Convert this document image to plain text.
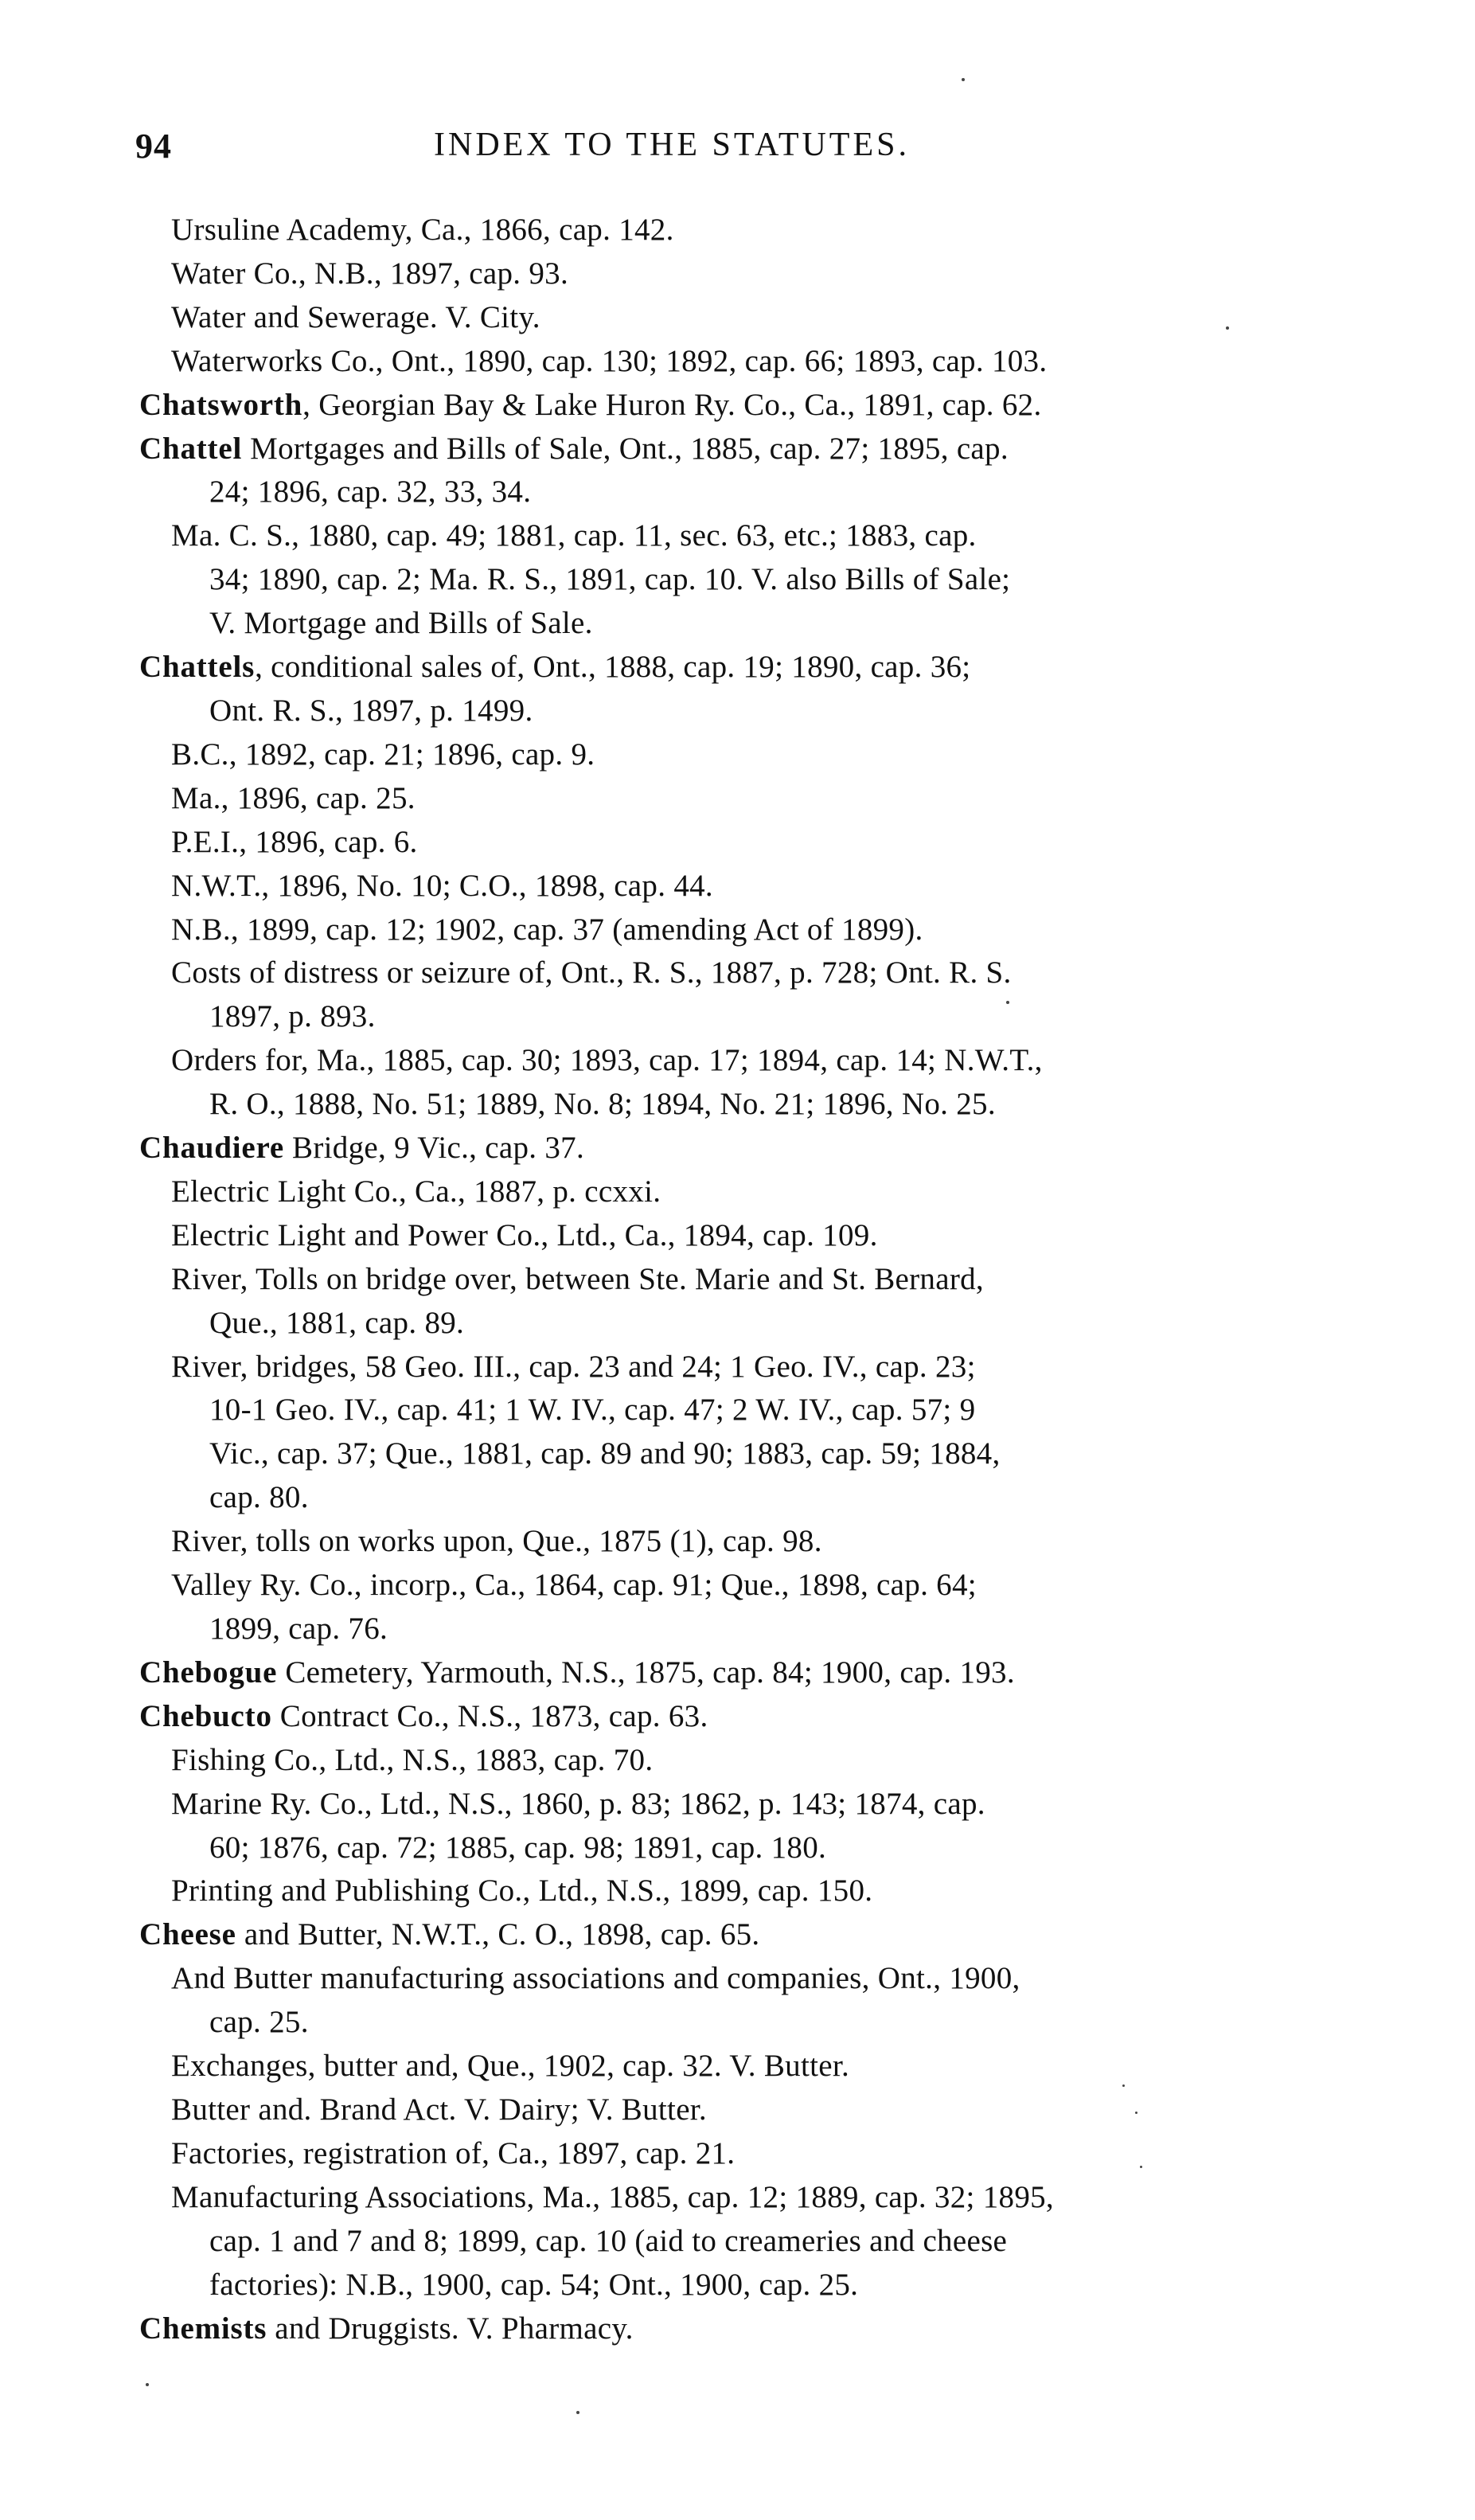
94	INDEX TO THE STATUTES.
Ursuline Academy, Ca., 1866, cap. 142.
Water Co., N.B., 1897, cap. 93.
Water and Sewerage. V. City.
Waterworks Co., Ont., 1890, cap. 130; 1892, cap. 66; 1893, cap. 103.
Chatsworth, Georgian Bay & Lake Huron Ry. Co., Ca., 1891, cap. 62.
Chattel Mortgages and Bills of Sale, Ont., 1885, cap. 27; 1895, cap.
24; 1896, cap. 32, 33, 34.
Ma. C. S., 1880, cap. 49; 1881, cap. 11, sec. 63, etc.; 1883, cap.
34; 1890, cap. 2; Ma. R. S., 1891, cap. 10. V. also Bills of Sale;
V. Mortgage and Bills of Sale.
Chattels, conditional sales of, Ont., 1888, cap. 19; 1890, cap. 36;
Ont. R. S., 1897, p. 1499.
B.C., 1892, cap. 21; 1896, cap. 9.
Ma., 1896, cap. 25.
P.E.I., 1896, cap. 6.
N.W.T., 1896, No. 10; C.O., 1898, cap. 44.
N.B., 1899, cap. 12; 1902, cap. 37 (amending Act of 1899).
Costs of distress or seizure of, Ont., R. S., 1887, p. 728; Ont. R. S.
1897, p. 893.
Orders for, Ma., 1885, cap. 30; 1893, cap. 17; 1894, cap. 14; N.W.T.,
R. O., 1888, No. 51; 1889, No. 8; 1894, No. 21; 1896, No. 25.
Chaudiere Bridge, 9 Vic., cap. 37.
Electric Light Co., Ca., 1887, p. ccxxi.
Electric Light and Power Co., Ltd., Ca., 1894, cap. 109.
River, Tolls on bridge over, between Ste. Marie and St. Bernard,
Que., 1881, cap. 89.
River, bridges, 58 Geo. III., cap. 23 and 24; 1 Geo. IV., cap. 23;
10-1 Geo. IV., cap. 41; 1 W. IV., cap. 47; 2 W. IV., cap. 57; 9
Vic., cap. 37; Que., 1881, cap. 89 and 90; 1883, cap. 59; 1884,
cap. 80.
River, tolls on works upon, Que., 1875 (1), cap. 98.
Valley Ry. Co., incorp., Ca., 1864, cap. 91; Que., 1898, cap. 64;
1899, cap. 76.
Chebogue Cemetery, Yarmouth, N.S., 1875, cap. 84; 1900, cap. 193.
Chebucto Contract Co., N.S., 1873, cap. 63.
Fishing Co., Ltd., N.S., 1883, cap. 70.
Marine Ry. Co., Ltd., N.S., 1860, p. 83; 1862, p. 143; 1874, cap.
60; 1876, cap. 72; 1885, cap. 98; 1891, cap. 180.
Printing and Publishing Co., Ltd., N.S., 1899, cap. 150.
Cheese and Butter, N.W.T., C. O., 1898, cap. 65.
And Butter manufacturing associations and companies, Ont., 1900,
cap. 25.
Exchanges, butter and, Que., 1902, cap. 32. V. Butter.
Butter and. Brand Act. V. Dairy; V. Butter.
Factories, registration of, Ca., 1897, cap. 21.
Manufacturing Associations, Ma., 1885, cap. 12; 1889, cap. 32; 1895,
cap. 1 and 7 and 8; 1899, cap. 10 (aid to creameries and cheese
factories): N.B., 1900, cap. 54; Ont., 1900, cap. 25.
Chemists and Druggists. V. Pharmacy.
